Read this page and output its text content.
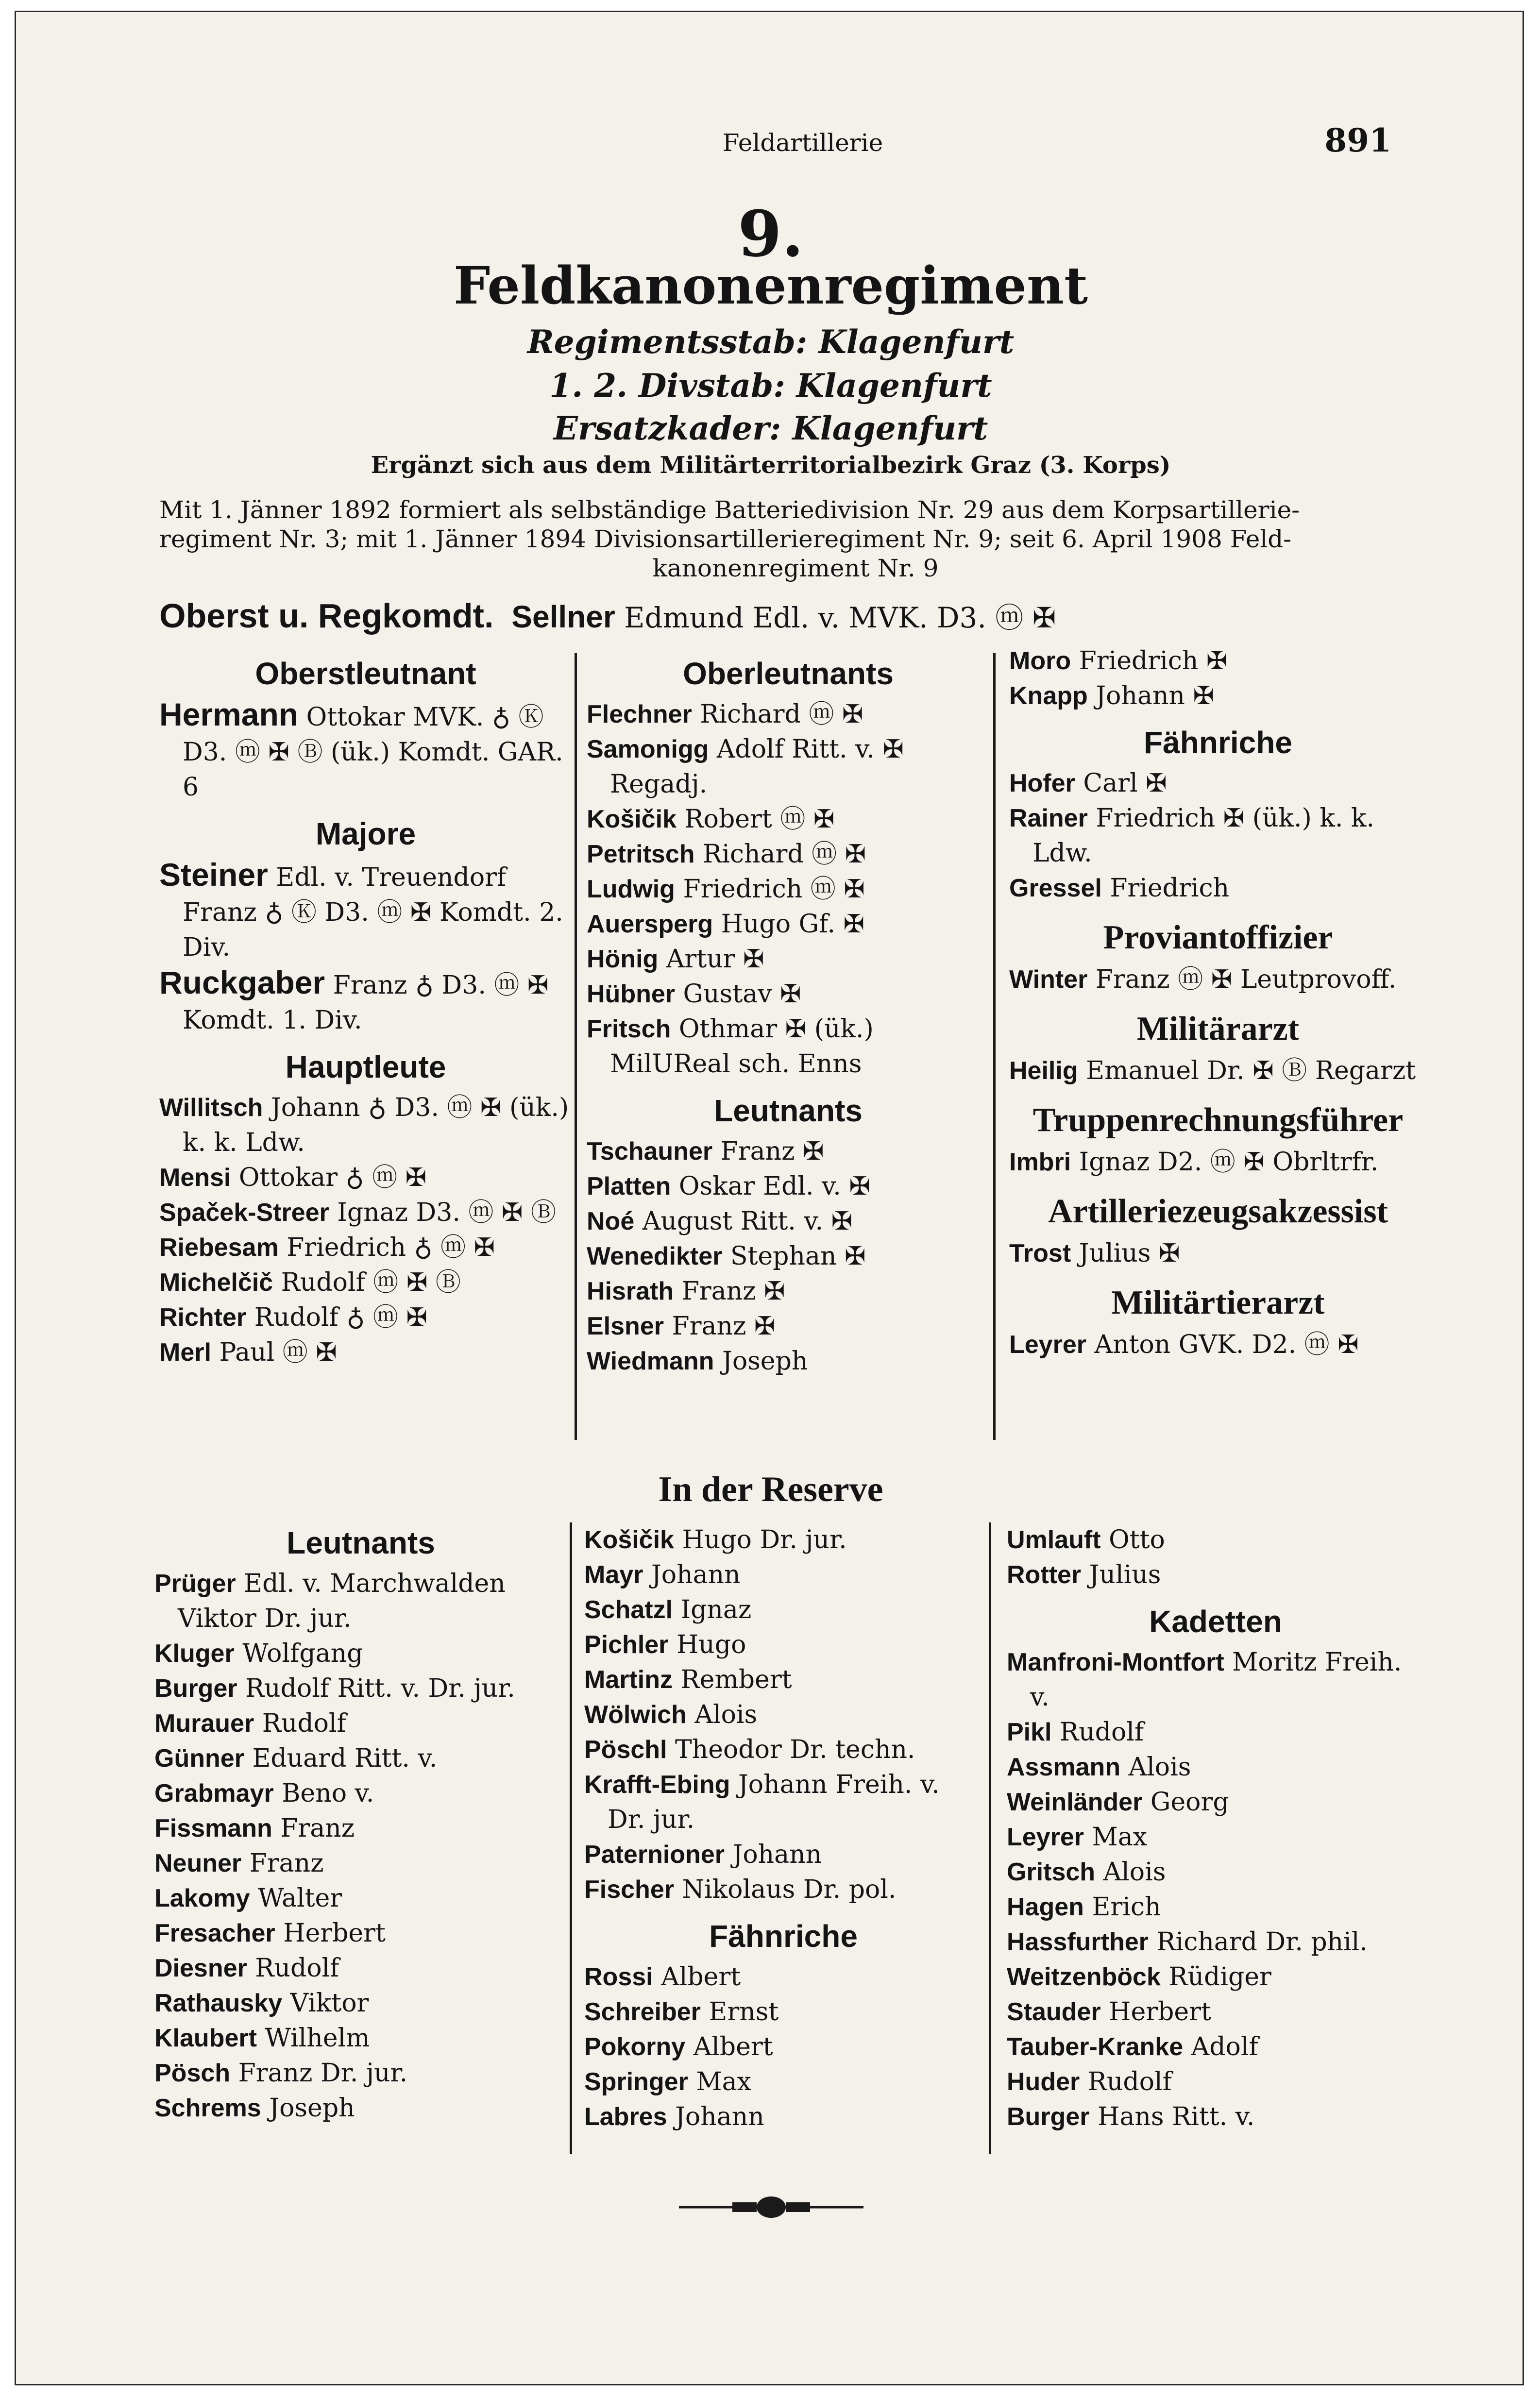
Feldartillerie	891
9.
Feldkanonenregiment
Regimentsstab: Klagenfurt
1. 2. Divstab: Klagenfurt
Ersatzkader: Klagenfurt
Ergänzt sich aus dem Militärterritorialbezirk Graz (3. Korps)
Mit 1. Jänner 1892 formiert als selbständige Batteriedivision Nr. 29 aus dem Korpsartillerie-
regiment Nr. 3; mit 1. Jänner 1894 Divisionsartillerieregiment Nr. 9; seit 6. April 1908 Feld-
kanonenregiment Nr. 9
Oberst u. Regkomdt. Sellner Edmund Edl. v. MVK. D3. ⓜ ✠
Oberstleutnant
Hermann Ottokar MVK. ♁ Ⓚ D3. ⓜ ✠ Ⓑ (ük.) Komdt. GAR. 6
Majore
Steiner Edl. v. Treuendorf Franz ♁ Ⓚ D3. ⓜ ✠ Komdt. 2. Div.
Ruckgaber Franz ♁ D3. ⓜ ✠ Komdt. 1. Div.
Hauptleute
Willitsch Johann ♁ D3. ⓜ ✠ (ük.) k. k. Ldw.
Mensi Ottokar ♁ ⓜ ✠
Spaček-Streer Ignaz D3. ⓜ ✠ Ⓑ
Riebesam Friedrich ♁ ⓜ ✠
Michelčič Rudolf ⓜ ✠ Ⓑ
Richter Rudolf ♁ ⓜ ✠
Merl Paul ⓜ ✠
Oberleutnants
Flechner Richard ⓜ ✠
Samonigg Adolf Ritt. v. ✠ Regadj.
Košičik Robert ⓜ ✠
Petritsch Richard ⓜ ✠
Ludwig Friedrich ⓜ ✠
Auersperg Hugo Gf. ✠
Hönig Artur ✠
Hübner Gustav ✠
Fritsch Othmar ✠ (ük.) MilUReal sch. Enns
Leutnants
Tschauner Franz ✠
Platten Oskar Edl. v. ✠
Noé August Ritt. v. ✠
Wenedikter Stephan ✠
Hisrath Franz ✠
Elsner Franz ✠
Wiedmann Joseph
Moro Friedrich ✠
Knapp Johann ✠
Fähnriche
Hofer Carl ✠
Rainer Friedrich ✠ (ük.) k. k. Ldw.
Gressel Friedrich
Proviantoffizier
Winter Franz ⓜ ✠ Leutprovoff.
Militärarzt
Heilig Emanuel Dr. ✠ Ⓑ Regarzt
Truppenrechnungsführer
Imbri Ignaz D2. ⓜ ✠ Obrltrfr.
Artilleriezeugsakzessist
Trost Julius ✠
Militärtierarzt
Leyrer Anton GVK. D2. ⓜ ✠
In der Reserve
Leutnants
Prüger Edl. v. Marchwalden Viktor Dr. jur.
Kluger Wolfgang
Burger Rudolf Ritt. v. Dr. jur.
Murauer Rudolf
Günner Eduard Ritt. v.
Grabmayr Beno v.
Fissmann Franz
Neuner Franz
Lakomy Walter
Fresacher Herbert
Diesner Rudolf
Rathausky Viktor
Klaubert Wilhelm
Pösch Franz Dr. jur.
Schrems Joseph
Košičik Hugo Dr. jur.
Mayr Johann
Schatzl Ignaz
Pichler Hugo
Martinz Rembert
Wölwich Alois
Pöschl Theodor Dr. techn.
Krafft-Ebing Johann Freih. v. Dr. jur.
Paternioner Johann
Fischer Nikolaus Dr. pol.
Fähnriche
Rossi Albert
Schreiber Ernst
Pokorny Albert
Springer Max
Labres Johann
Umlauft Otto
Rotter Julius
Kadetten
Manfroni-Montfort Moritz Freih. v.
Pikl Rudolf
Assmann Alois
Weinländer Georg
Leyrer Max
Gritsch Alois
Hagen Erich
Hassfurther Richard Dr. phil.
Weitzenböck Rüdiger
Stauder Herbert
Tauber-Kranke Adolf
Huder Rudolf
Burger Hans Ritt. v.
